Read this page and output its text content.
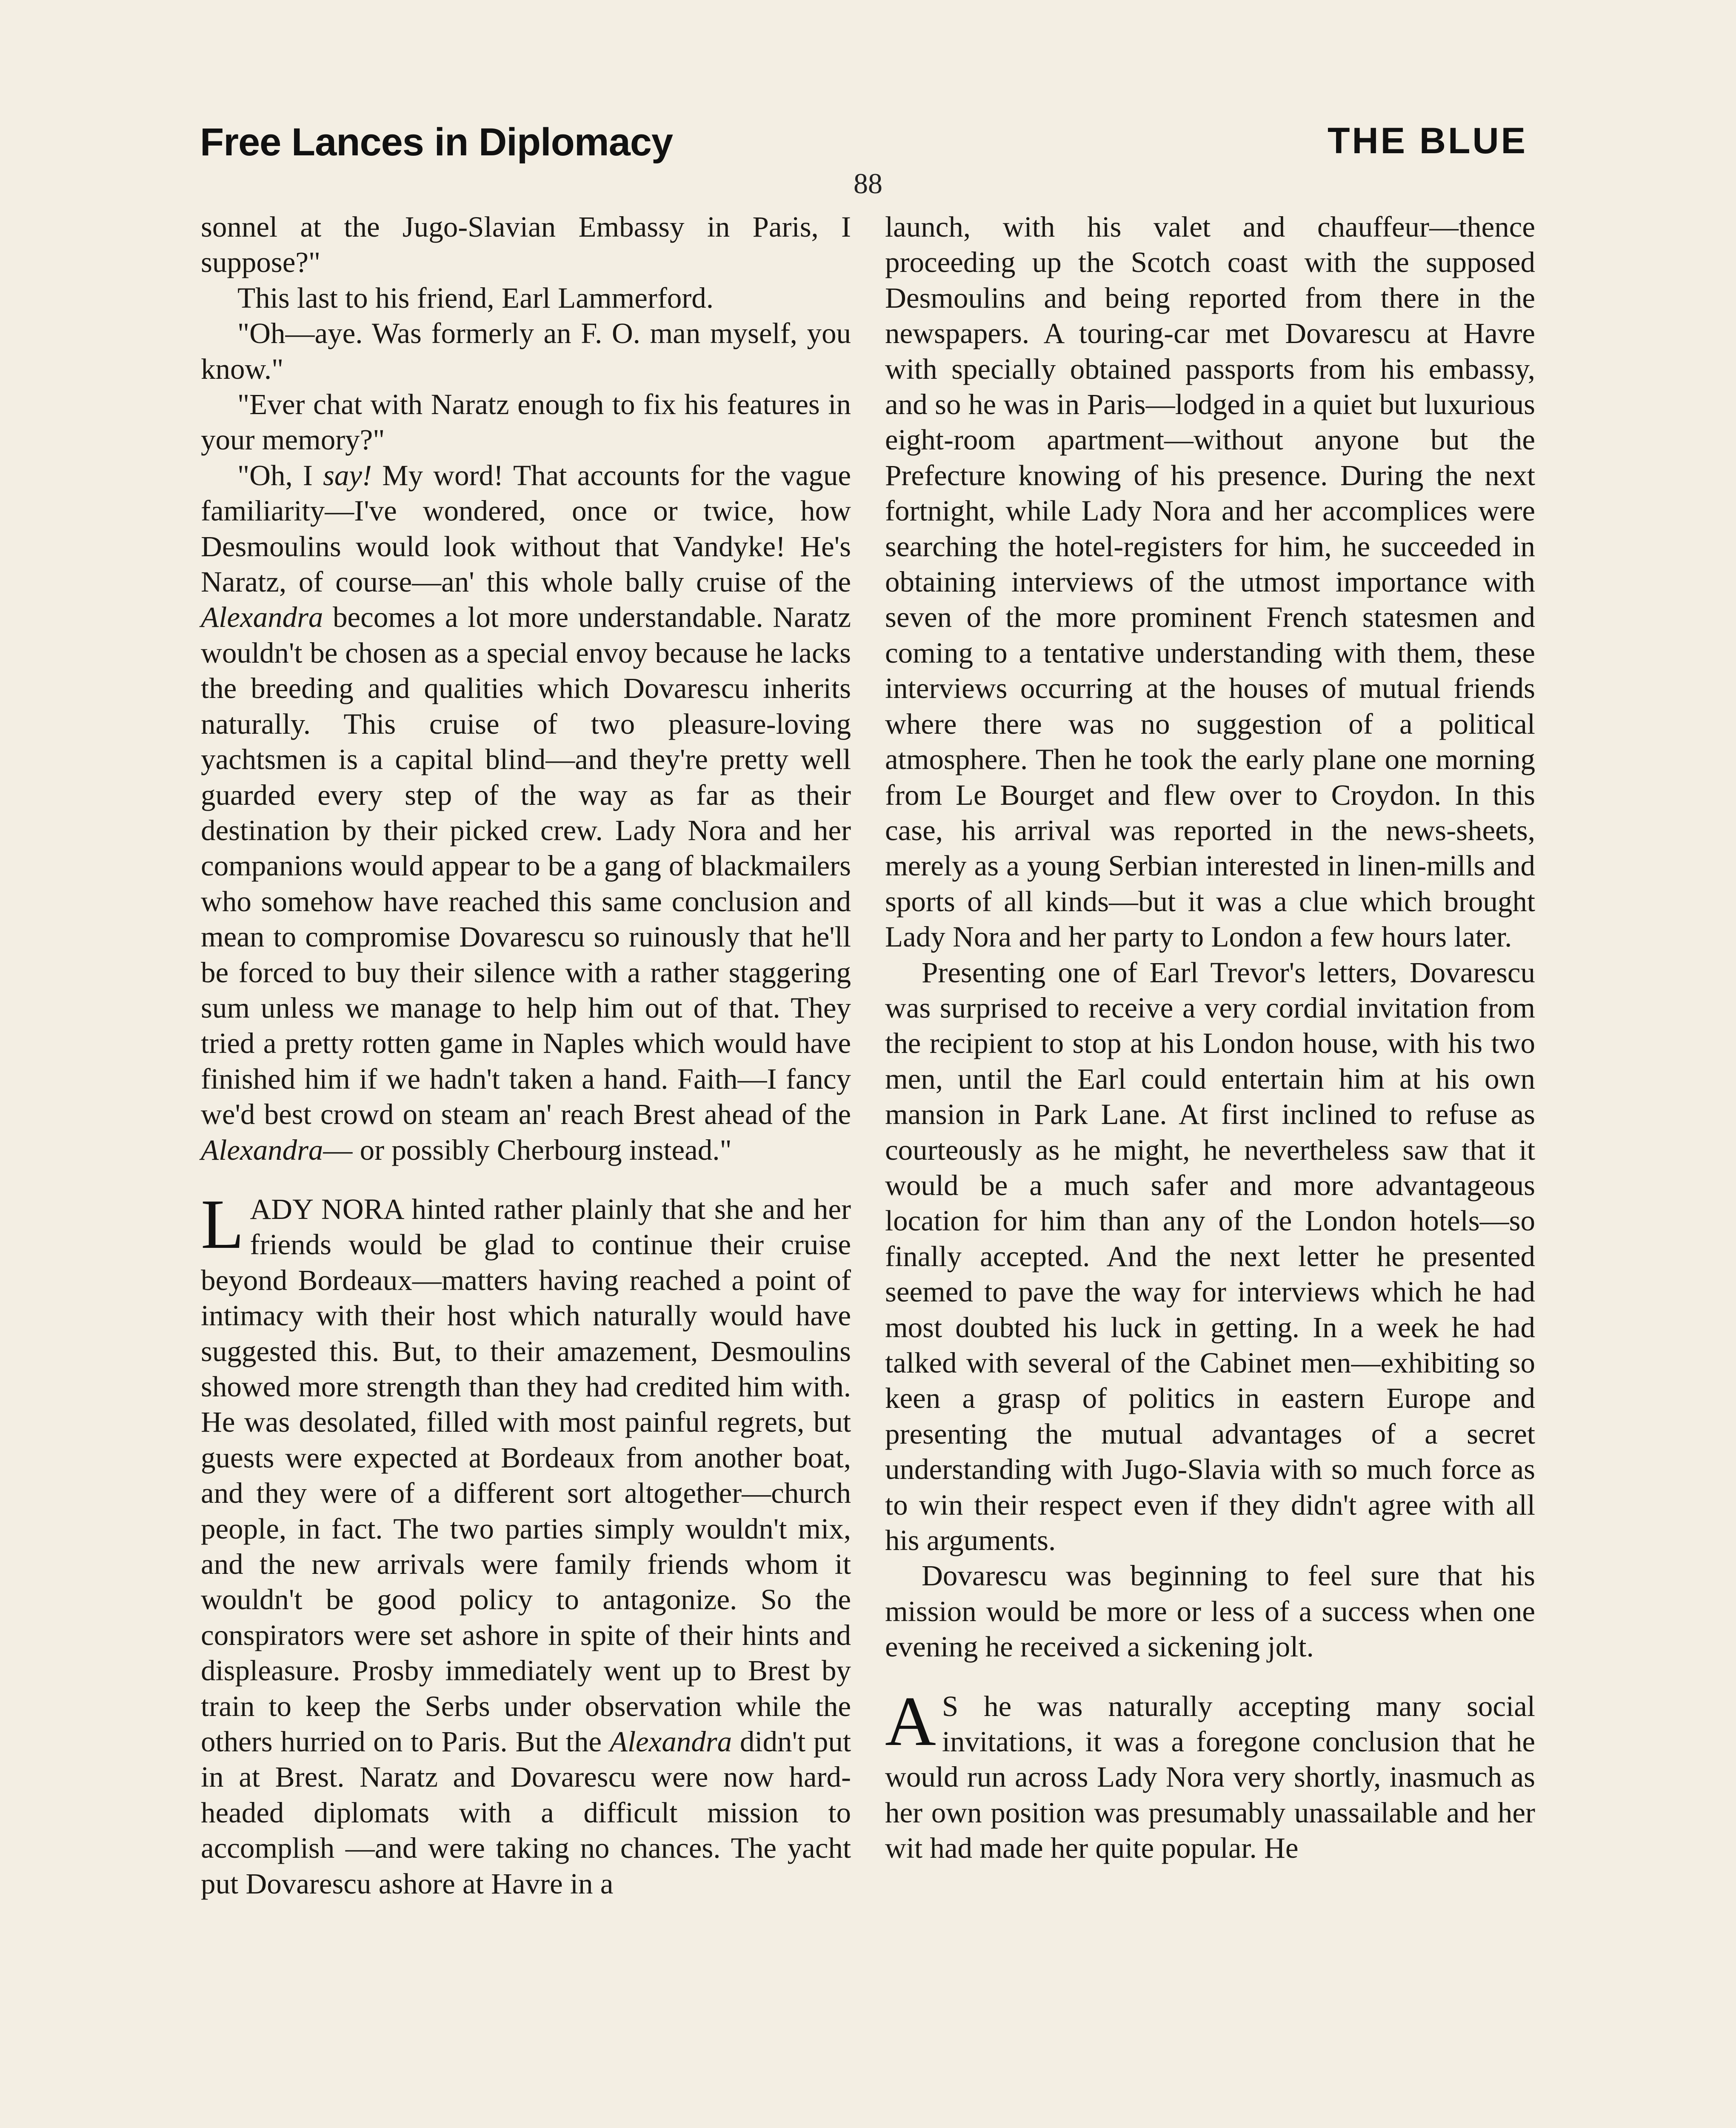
Free Lances in Diplomacy	THE BLUE
88

sonnel at the Jugo-Slavian Embassy in Paris, I suppose?"

This last to his friend, Earl Lammerford.

"Oh—aye. Was formerly an F. O. man myself, you know."

"Ever chat with Naratz enough to fix his features in your memory?"

"Oh, I say! My word! That accounts for the vague familiarity—I've wondered, once or twice, how Desmoulins would look without that Vandyke! He's Naratz, of course—an' this whole bally cruise of the Alexandra becomes a lot more understandable. Naratz wouldn't be chosen as a special envoy because he lacks the breeding and qualities which Dovarescu inherits naturally. This cruise of two pleasure-loving yachtsmen is a capital blind—and they're pretty well guarded every step of the way as far as their destination by their picked crew. Lady Nora and her companions would appear to be a gang of blackmailers who somehow have reached this same conclusion and mean to compromise Dovarescu so ruinously that he'll be forced to buy their silence with a rather staggering sum unless we manage to help him out of that. They tried a pretty rotten game in Naples which would have finished him if we hadn't taken a hand. Faith—I fancy we'd best crowd on steam an' reach Brest ahead of the Alexandra— or possibly Cherbourg instead."

LADY NORA hinted rather plainly that she and her friends would be glad to continue their cruise beyond Bordeaux—matters having reached a point of intimacy with their host which naturally would have suggested this. But, to their amazement, Desmoulins showed more strength than they had credited him with. He was desolated, filled with most painful regrets, but guests were expected at Bordeaux from another boat, and they were of a different sort altogether—church people, in fact. The two parties simply wouldn't mix, and the new arrivals were family friends whom it wouldn't be good policy to antagonize. So the conspirators were set ashore in spite of their hints and displeasure. Prosby immediately went up to Brest by train to keep the Serbs under observation while the others hurried on to Paris. But the Alexandra didn't put in at Brest. Naratz and Dovarescu were now hard-headed diplomats with a difficult mission to accomplish —and were taking no chances. The yacht put Dovarescu ashore at Havre in a

launch, with his valet and chauffeur—thence proceeding up the Scotch coast with the supposed Desmoulins and being reported from there in the newspapers. A touring-car met Dovarescu at Havre with specially obtained passports from his embassy, and so he was in Paris—lodged in a quiet but luxurious eight-room apartment—without anyone but the Prefecture knowing of his presence. During the next fortnight, while Lady Nora and her accomplices were searching the hotel-registers for him, he succeeded in obtaining interviews of the utmost importance with seven of the more prominent French statesmen and coming to a tentative understanding with them, these interviews occurring at the houses of mutual friends where there was no suggestion of a political atmosphere. Then he took the early plane one morning from Le Bourget and flew over to Croydon. In this case, his arrival was reported in the news-sheets, merely as a young Serbian interested in linen-mills and sports of all kinds—but it was a clue which brought Lady Nora and her party to London a few hours later.

Presenting one of Earl Trevor's letters, Dovarescu was surprised to receive a very cordial invitation from the recipient to stop at his London house, with his two men, until the Earl could entertain him at his own mansion in Park Lane. At first inclined to refuse as courteously as he might, he nevertheless saw that it would be a much safer and more advantageous location for him than any of the London hotels—so finally accepted. And the next letter he presented seemed to pave the way for interviews which he had most doubted his luck in getting. In a week he had talked with several of the Cabinet men—exhibiting so keen a grasp of politics in eastern Europe and presenting the mutual advantages of a secret understanding with Jugo-Slavia with so much force as to win their respect even if they didn't agree with all his arguments.

Dovarescu was beginning to feel sure that his mission would be more or less of a success when one evening he received a sickening jolt.

A S he was naturally accepting many social invitations, it was a foregone conclusion that he would run across Lady Nora very shortly, inasmuch as her own position was presumably unassailable and her wit had made her quite popular. He
